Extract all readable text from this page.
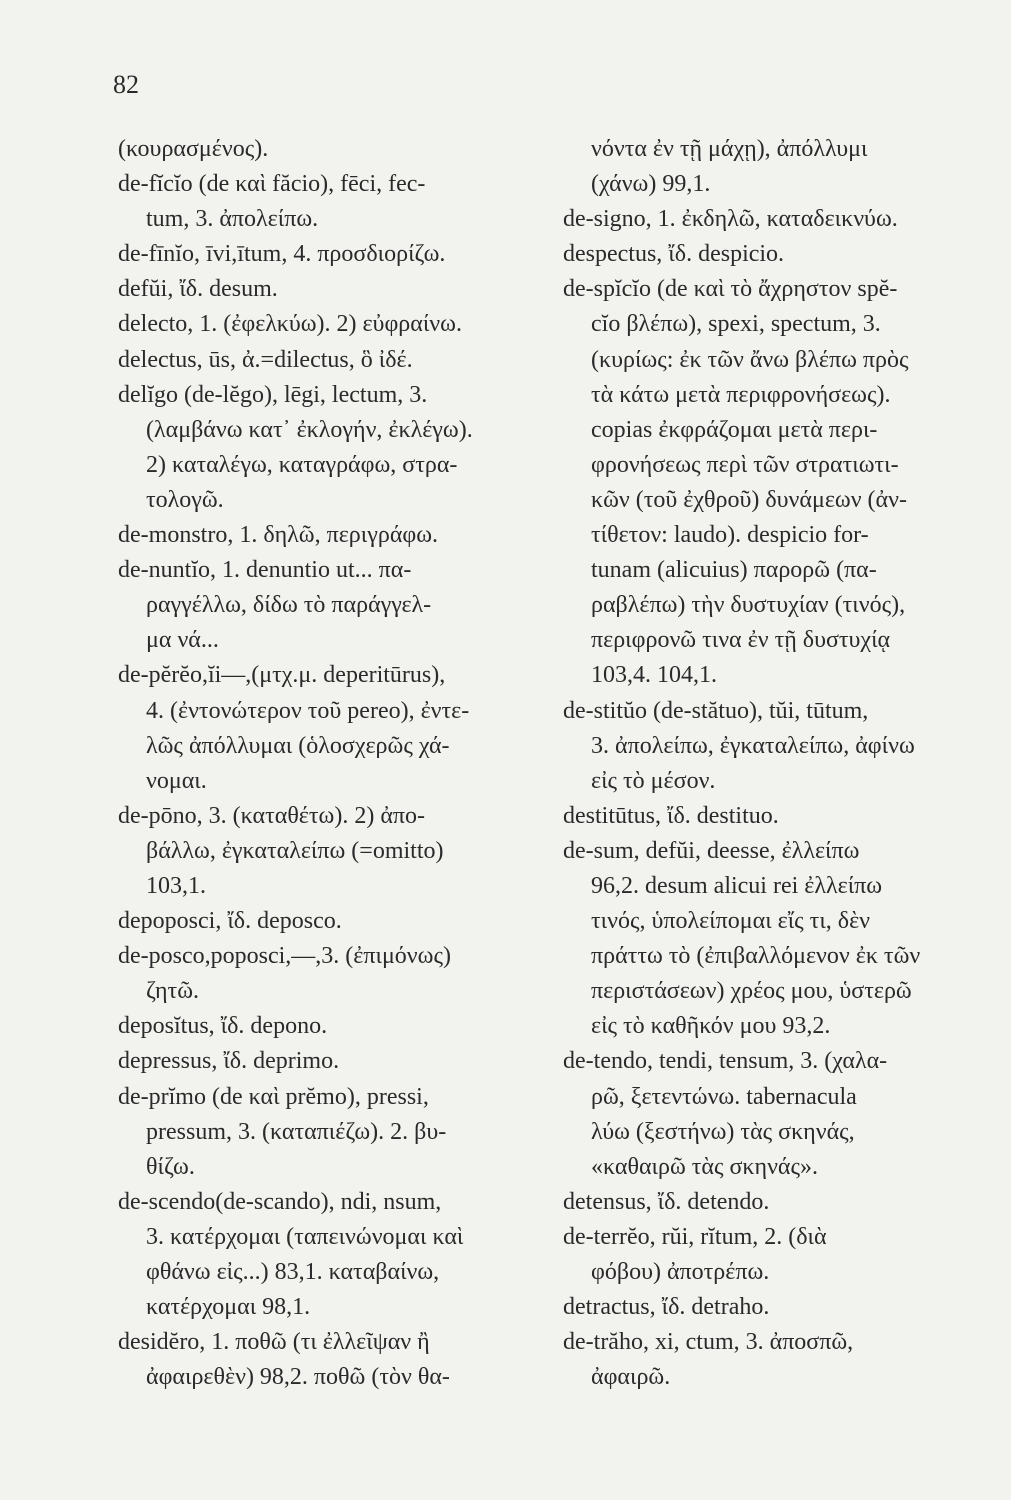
82
(κουρασμένος).
de-fĭcĭo (de καὶ făcio), fēci, fec-
tum, 3. ἀπολείπω.
de-fīnĭo, īvi,ītum, 4. προσδιορίζω.
defŭi, ἴδ. desum.
delecto, 1. (ἐφελκύω). 2) εὐφραίνω.
delectus, ūs, ἀ.=dilectus, ὃ ἰδέ.
delĭgo (de-lĕgo), lēgi, lectum, 3.
(λαμβάνω κατ᾽ ἐκλογήν, ἐκλέγω).
2) καταλέγω, καταγράφω, στρα-
τολογῶ.
de-monstro, 1. δηλῶ, περιγράφω.
de-nuntĭo, 1. denuntio ut... πα-
ραγγέλλω, δίδω τὸ παράγγελ-
μα νά...
de-pĕrĕo,ĭi—,(μτχ.μ. deperitūrus),
4. (ἐντονώτερον τοῦ pereo), ἐντε-
λῶς ἀπόλλυμαι (ὁλοσχερῶς χά-
νομαι.
de-pōno, 3. (καταθέτω). 2) ἀπο-
βάλλω, ἐγκαταλείπω (=omitto)
103,1.
depoposci, ἴδ. deposco.
de-posco,poposci,—,3. (ἐπιμόνως)
ζητῶ.
deposĭtus, ἴδ. depono.
depressus, ἴδ. deprimo.
de-prĭmo (de καὶ prĕmo), pressi,
pressum, 3. (καταπιέζω). 2. βυ-
θίζω.
de-scendo(de-scando), ndi, nsum,
3. κατέρχομαι (ταπεινώνομαι καὶ
φθάνω εἰς...) 83,1. καταβαίνω,
κατέρχομαι 98,1.
desidĕro, 1. ποθῶ (τι ἐλλεῖψαν ἢ
ἀφαιρεθὲν) 98,2. ποθῶ (τὸν θα-
νόντα ἐν τῇ μάχῃ), ἀπόλλυμι
(χάνω) 99,1.
de-signo, 1. ἐκδηλῶ, καταδεικνύω.
despectus, ἴδ. despicio.
de-spĭcĭo (de καὶ τὸ ἄχρηστον spĕ-
cĭo βλέπω), spexi, spectum, 3.
(κυρίως: ἐκ τῶν ἄνω βλέπω πρὸς
τὰ κάτω μετὰ περιφρονήσεως).
copias ἐκφράζομαι μετὰ περι-
φρονήσεως περὶ τῶν στρατιωτι-
κῶν (τοῦ ἐχθροῦ) δυνάμεων (ἀν-
τίθετον: laudo). despicio for-
tunam (alicuius) παρορῶ (πα-
ραβλέπω) τὴν δυστυχίαν (τινός),
περιφρονῶ τινα ἐν τῇ δυστυχίᾳ
103,4. 104,1.
de-stitŭo (de-stătuo), tŭi, tūtum,
3. ἀπολείπω, ἐγκαταλείπω, ἀφίνω
εἰς τὸ μέσον.
destitūtus, ἴδ. destituo.
de-sum, defŭi, deesse, ἐλλείπω
96,2. desum alicui rei ἐλλείπω
τινός, ὑπολείπομαι εἴς τι, δὲν
πράττω τὸ (ἐπιβαλλόμενον ἐκ τῶν
περιστάσεων) χρέος μου, ὑστερῶ
εἰς τὸ καθῆκόν μου 93,2.
de-tendo, tendi, tensum, 3. (χαλα-
ρῶ, ξετεντώνω. tabernacula
λύω (ξεστήνω) τὰς σκηνάς,
«καθαιρῶ τὰς σκηνάς».
detensus, ἴδ. detendo.
de-terrĕo, rŭi, rĭtum, 2. (διὰ
φόβου) ἀποτρέπω.
detractus, ἴδ. detraho.
de-trăho, xi, ctum, 3. ἀποσπῶ,
ἀφαιρῶ.
